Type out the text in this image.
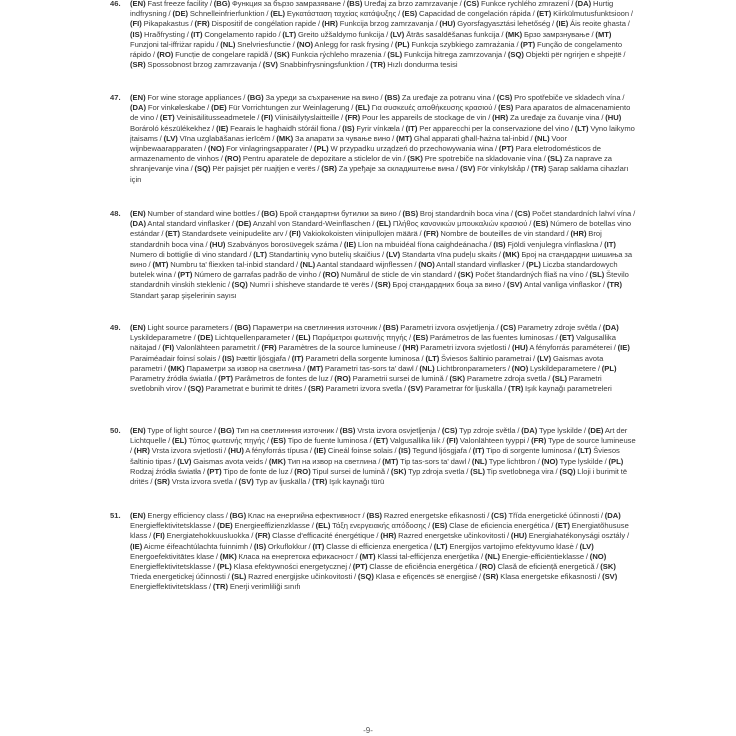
46.	(EN) Fast freeze facility / (BG) Функция за бързо замразяване / (BS) Uređaj za brzo zamrzavanje / (CS) Funkce rychlého zmrazení / (DA) Hurtig indfrysning / (DE) Schnelleinfrierfunktion / (EL) Εγκατάσταση ταχείας κατάψυξης / (ES) Capacidad de congelación rápida / (ET) Kiirkülmutusfunktsioon / (FI) Pikapakastus / (FR) Dispositif de congélation rapide / (HR) Funkcija brzog zamrzavanja / (HU) Gyorsfagyasztási lehetőség / (IE) Áis reoite ghasta / (IS) Hraðfrysting / (IT) Congelamento rapido / (LT) Greito užšaldymo funkcija / (LV) Ātrās sasaldēšanas funkcija / (MK) Брзо замрзнување / (MT) Funzjoni tal-iffriżar rapidu / (NL) Snelvriesfunctie / (NO) Anlegg for rask frysing / (PL) Funkcja szybkiego zamrażania / (PT) Função de congelamento rápido / (RO) Funcție de congelare rapidă / (SK) Funkcia rýchleho mrazenia / (SL) Funkcija hitrega zamrzovanja / (SQ) Objekti për ngrirjen e shpejtë / (SR) Spossobnost brzog zamrzavanja / (SV) Snabbinfrysningsfunktion / (TR) Hızlı dondurma tesisi
47.	(EN) For wine storage appliances / (BG) За уреди за съхранение на вино / (BS) Za uređaje za potranu vina / (CS) Pro spotřebiče ve skladech vína / (DA) For vinkøleskabe / (DE) Für Vorrichtungen zur Weinlagerung / (EL) Για συσκευές αποθήκευσης κρασιού / (ES) Para aparatos de almacenamiento de vino / (ET) Veinisäilitusseadmetele / (FI) Viinisäilytyslaitteille / (FR) Pour les appareils de stockage de vin / (HR) Za uređaje za čuvanje vina / (HU) Borároló készülékekhez / (IE) Fearais le haghaidh stóráil fiona / (IS) Fyrir vínkæla / (IT) Per apparecchi per la conservazione del vino / (LT) Vyno laikymo įtaisams / (LV) Vīna uzglabāšanas ierīcēm / (MK) За апарати за чување вино / (MT) Għal apparati għall-ħażna tal-inbid / (NL) Voor wijnbewaarapparaten / (NO) For vinlagringsapparater / (PL) W przypadku urządzeń do przechowywania wina / (PT) Para eletrodomésticos de armazenamento de vinhos / (RO) Pentru aparatele de depozitare a sticlelor de vin / (SK) Pre spotrebiče na skladovanie vína / (SL) Za naprave za shranjevanje vina / (SQ) Për pajisjet për ruajtjen e verës / (SR) Za уређаје за складиштење вина / (SV) För vinkylskåp / (TR) Şarap saklama cihazları için
48.	(EN) Number of standard wine bottles / (BG) Брой стандартни бутилки за вино / (BS) Broj standardnih boca vina / (CS) Počet standardních lahví vína / (DA) Antal standard vinflasker / (DE) Anzahl von Standard-Weinflaschen / (EL) Πλήθος κανονικών μπουκαλιών κρασιού / (ES) Número de botellas vino estándar / (ET) Standardsete veinipudelite arv / (FI) Vakiokokoisten viinipullojen määrä / (FR) Nombre de bouteilles de vin standard / (HR) Broj standardnih boca vina / (HU) Szabványos borosüvegek száma / (IE) Líon na mbuidéal fíona caighdeánacha / (IS) Fjöldi venjulegra vínflaskna / (IT) Numero di bottiglie di vino standard / (LT) Standartinių vyno butelių skaičius / (LV) Standarta vīna pudeļu skaits / (MK) Број на стандардни шишиња за вино / (MT) Numbru ta' fliexken tal-inbid standard / (NL) Aantal standaard wijnflessen / (NO) Antall standard vinflasker / (PL) Liczba standardowych butelek wina / (PT) Número de garrafas padrão de vinho / (RO) Numărul de sticle de vin standard / (SK) Počet štandardných fliaš na víno / (SL) Število standardnih vinskih steklenic / (SQ) Numri i shisheve standarde të verës / (SR) Број стандардних боца за вино / (SV) Antal vanliga vinflaskor / (TR) Standart şarap şişelerinin sayısı
49.	(EN) Light source parameters / (BG) Параметри на светлинния източник / (BS) Parametri izvora osvjetljenja / (CS) Parametry zdroje světla / (DA) Lyskildeparametre / (DE) Lichtquellenparameter / (EL) Παράμετροι φωτεινής πηγής / (ES) Parámetros de las fuentes luminosas / (ET) Valgusallika näitajad / (FI) Valonlähteen parametrit / (FR) Paramètres de la source lumineuse / (HR) Parametri izvora svjetlosti / (HU) A fényforrás paraméterei / (IE) Paraiméadair foinsí solais / (IS) Þættir ljósgjafa / (IT) Parametri della sorgente luminosa / (LT) Šviesos šaltinio parametrai / (LV) Gaismas avota parametri / (MK) Параметри за извор на светлина / (MT) Parametri tas-sors ta' dawl / (NL) Lichtbronparameters / (NO) Lyskildeparametere / (PL) Parametry źródła światła / (PT) Parâmetros de fontes de luz / (RO) Parametrii sursei de lumină / (SK) Parametre zdroja svetla / (SL) Parametri svetlobnih virov / (SQ) Parametrat e burimit të dritës / (SR) Parametri izvora svetla / (SV) Parametrar för ljuskälla / (TR) Işık kaynağı parametreleri
50.	(EN) Type of light source / (BG) Тип на светлинния източник / (BS) Vrsta izvora osvjetljenja / (CS) Typ zdroje světla / (DA) Type lyskilde / (DE) Art der Lichtquelle / (EL) Τύπος φωτεινής πηγής / (ES) Tipo de fuente luminosa / (ET) Valgusallika liik / (FI) Valonlähteen tyyppi / (FR) Type de source lumineuse / (HR) Vrsta izvora svjetlosti / (HU) A fényforrás típusa / (IE) Cineál foinse solais / (IS) Tegund ljósgjafa / (IT) Tipo di sorgente luminosa / (LT) Šviesos šaltinio tipas / (LV) Gaismas avota veids / (MK) Тип на извор на светлина / (MT) Tip tas-sors ta' dawl / (NL) Type lichtbron / (NO) Type lyskilde / (PL) Rodzaj źródła światła / (PT) Tipo de fonte de luz / (RO) Tipul sursei de lumină / (SK) Typ zdroja svetla / (SL) Tip svetlobnega vira / (SQ) Lloji i burimit të dritës / (SR) Vrsta izvora svetla / (SV) Typ av ljuskälla / (TR) Işık kaynağı türü
51.	(EN) Energy efficiency class / (BG) Клас на енергийна ефективност / (BS) Razred energetske efikasnosti / (CS) Třída energetické účinnosti / (DA) Energieffektivitetsklasse / (DE) Energieeffizienzklasse / (EL) Τάξη ενεργειακής απόδοσης / (ES) Clase de eficiencia energética / (ET) Energiatõhususe klass / (FI) Energiatehokkuusluokka / (FR) Classe d'efficacité énergétique / (HR) Razred energetske učinkovitosti / (HU) Energiahatékonysági osztály / (IE) Aicme éifeachtúlachta fuinnimh / (IS) Orkuflokkur / (IT) Classe di efficienza energetica / (LT) Energijos vartojimo efektyvumo klasė / (LV) Energoefektivitātes klase / (MK) Класа на енергетска ефикасност / (MT) Klassi tal-effiċjenza enerġetika / (NL) Energie-efficiëntieklasse / (NO) Energieffektivitetsklasse / (PL) Klasa efektywności energetycznej / (PT) Classe de eficiência energética / (RO) Clasă de eficiență energetică / (SK) Trieda energetickej účinnosti / (SL) Razred energijske učinkovitosti / (SQ) Klasa e efiçencës së energjisë / (SR) Klasa energetske efikasnosti / (SV) Energieffektivitetsklass / (TR) Enerji verimliliği sınıfı
-9-
